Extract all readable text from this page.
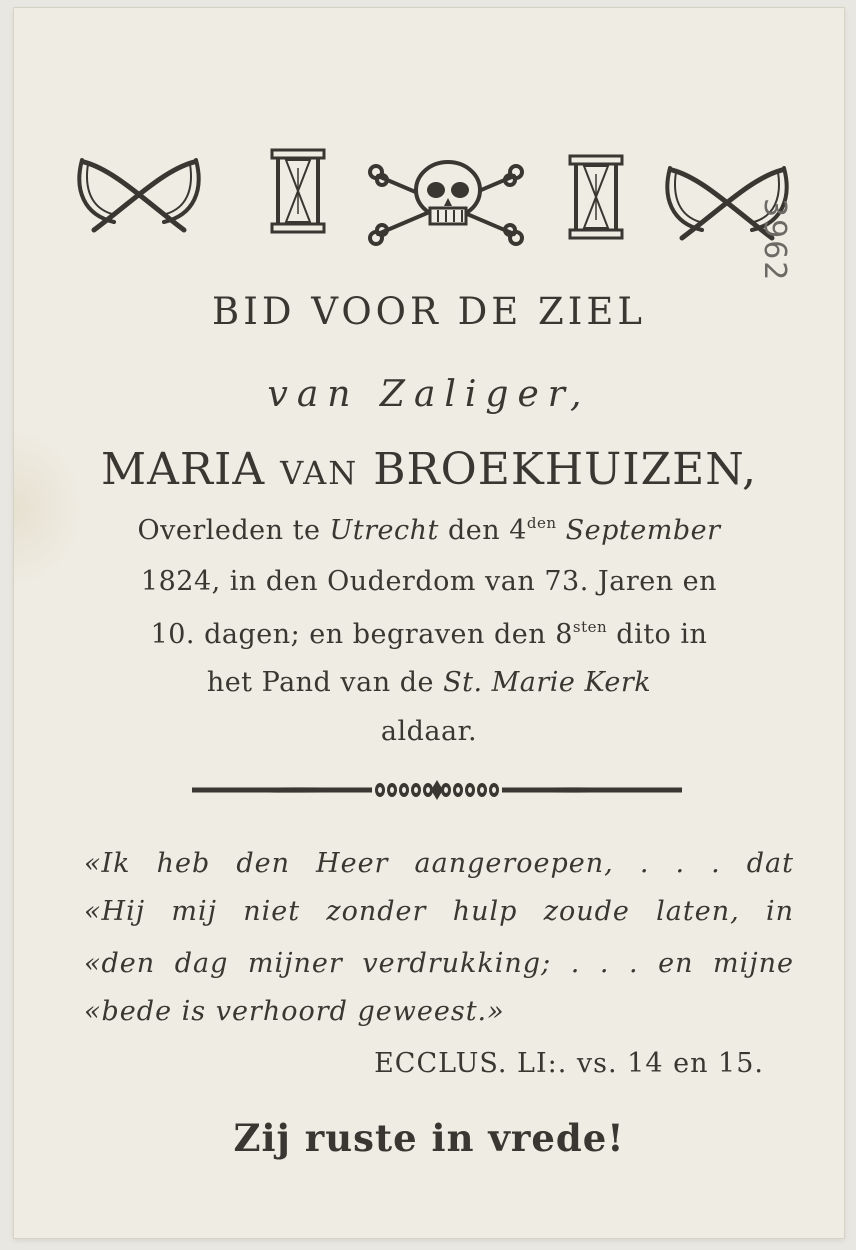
3962
BID VOOR DE ZIEL
van Zaliger,
MARIA VAN BROEKHUIZEN,
Overleden te Utrecht den $4^{den}$ September
1824, in den Ouderdom van 73. Jaren en
10. dagen; en begraven den $8^{sten}$ dito in
het Pand van de St. Marie Kerk
aldaar.
«Ik heb den Heer aangeroepen, . . . dat
«Hij mij niet zonder hulp zoude laten, in
«den dag mijner verdrukking; . . . en mijne
«bede is verhoord geweest.»
ECCLUS. LI:. vs. 14 en 15.
Zij ruste in vrede!
